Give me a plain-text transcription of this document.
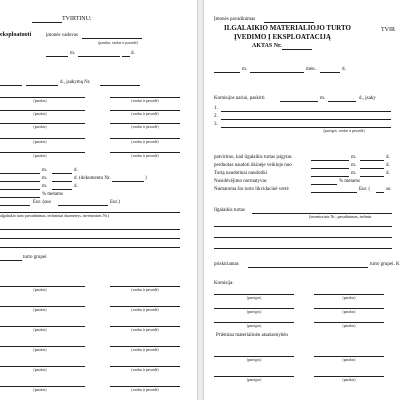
TVIRTINU:
eksploatuoti	įmonės vadovas
(parašas, vardas ir pavardė)
m.	d.
d., įsakymą Nr.
(parašas)	(vardas ir pavardė)
(parašas)	(vardas ir pavardė)
(parašas)	(vardas ir pavardė)
(parašas)	(vardas ir pavardė)
(parašas)	(vardas ir pavardė)
m.	d.
m.	d. (dokumento Nr.	)
m.	d.
% metams
Eur. (suo	Eur.)
algalaikio turto pavadinimas, techniniai duomenys, inventorinis Nr.)
turto grupei
(parašas)	(vardas ir pavardė)
(parašas)	(vardas ir pavardė)
(parašas)	(vardas ir pavardė)
(parašas)	(vardas ir pavardė)
(parašas)	(vardas ir pavardė)
(parašas)	(vardas ir pavardė)
Įmonės pavadinimas
TVIR
ILGALAIKIO MATERIALIOJO TURTO
ĮVEDIMO Į EKSPLOATACIJĄ
AKTAS Nr.
m.	mėn.	d.
Komisijos nariai, paskirti	m.	d., įsaky
1.
2.
3.
(pareigos, vardas ir pavardė)
patvirtino, kad ilgalaikis turtas įsigytas	m.	d.
perduotas naudoti ūkinėje veikloje nuo	m.	d.
Turtą naudotinai naudotiki	m.	d.
Nusidėvėjimo normatyvas	% metams
Numatoma šio turto likvidacinė vertė	Eur. (	su
Ilgalaikis turtas
(inventorinis Nr., pavadinimas, technin
priskiriamas	turto grupei. K
Komisija:
(pareigos)	(parašas)
(pareigos)	(parašas)
(pareigos)	(parašas)
Priėmiau materialinėn atsakomybėn
(pareigos)	(parašas)
(pareigos)	(parašas)
